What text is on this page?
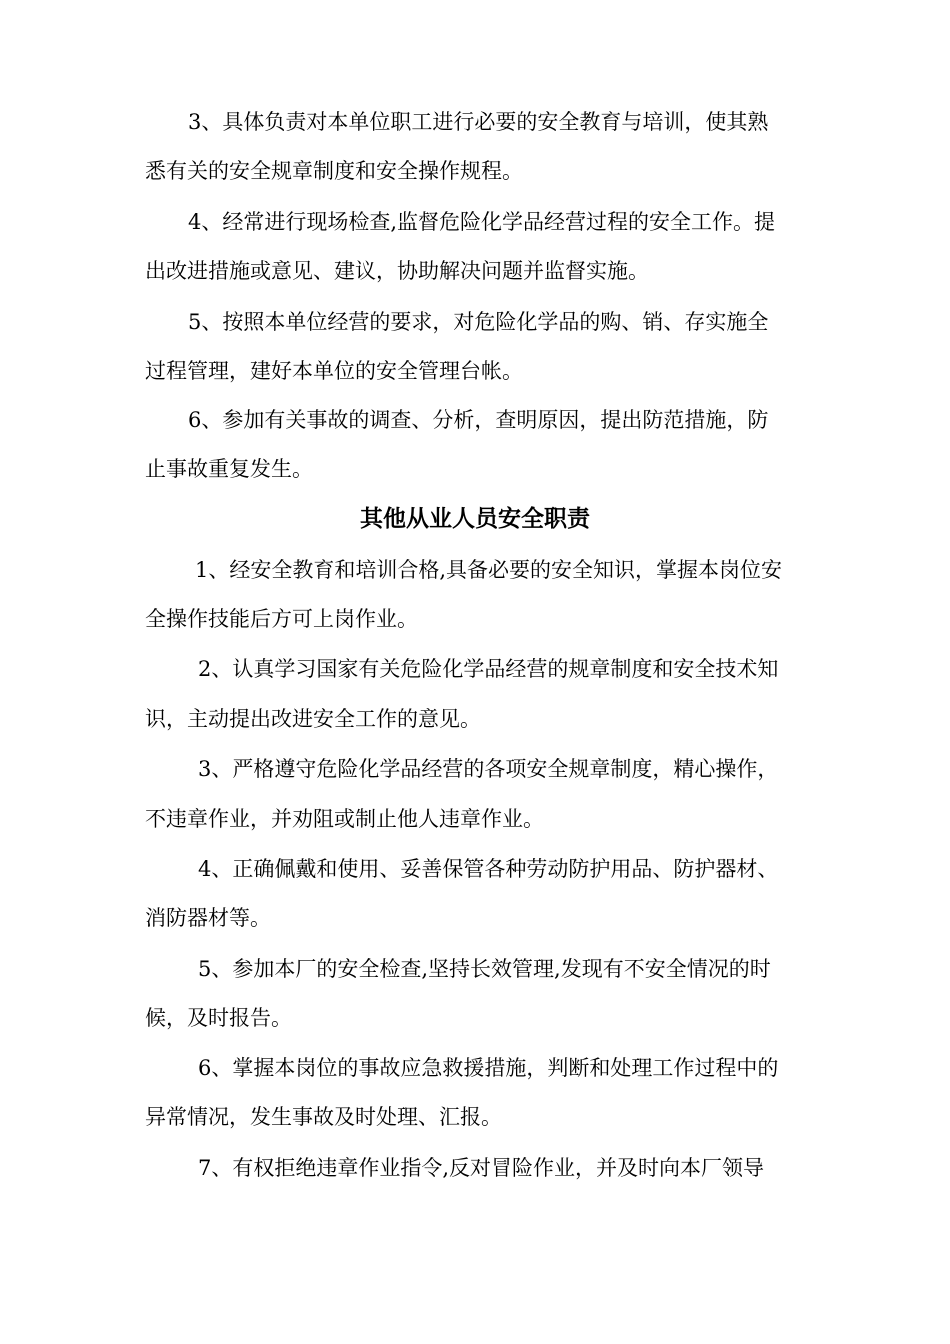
3、具体负责对本单位职工进行必要的安全教育与培训，使其熟
悉有关的安全规章制度和安全操作规程。
4、经常进行现场检查,监督危险化学品经营过程的安全工作。提
出改进措施或意见、建议，协助解决问题并监督实施。
5、按照本单位经营的要求，对危险化学品的购、销、存实施全
过程管理，建好本单位的安全管理台帐。
6、参加有关事故的调查、分析，查明原因，提出防范措施，防
止事故重复发生。
其他从业人员安全职责
1、经安全教育和培训合格,具备必要的安全知识，掌握本岗位安
全操作技能后方可上岗作业。
2、认真学习国家有关危险化学品经营的规章制度和安全技术知
识，主动提出改进安全工作的意见。
3、严格遵守危险化学品经营的各项安全规章制度，精心操作，
不违章作业，并劝阻或制止他人违章作业。
4、正确佩戴和使用、妥善保管各种劳动防护用品、防护器材、
消防器材等。
5、参加本厂的安全检查,坚持长效管理,发现有不安全情况的时
候，及时报告。
6、掌握本岗位的事故应急救援措施，判断和处理工作过程中的
异常情况，发生事故及时处理、汇报。
7、有权拒绝违章作业指令,反对冒险作业，并及时向本厂领导
